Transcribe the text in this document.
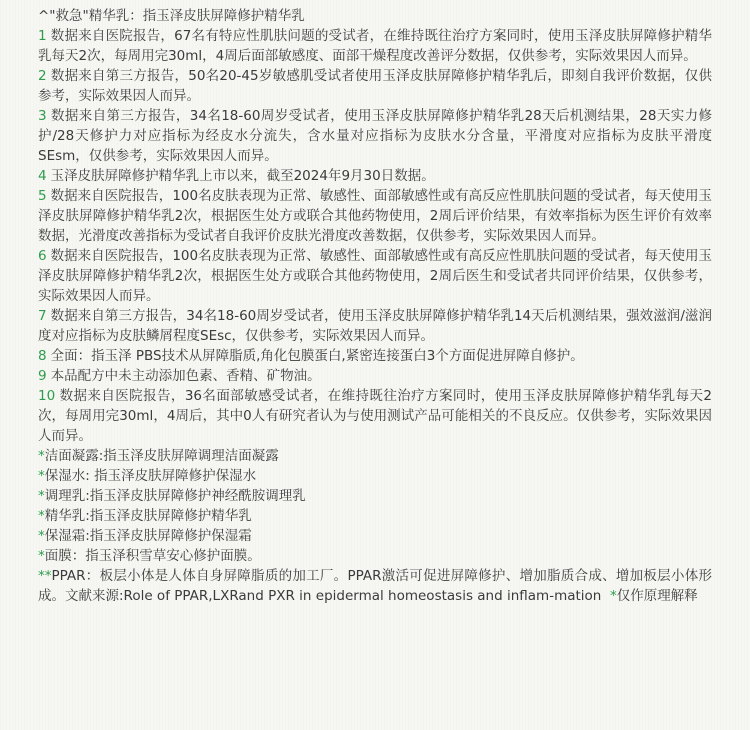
^"救急"精华乳：指玉泽皮肤屏障修护精华乳

1 数据来自医院报告，67名有特应性肌肤问题的受试者，在维持既往治疗方案同时，使用玉泽皮肤屏障修护精华乳每天2次，每周用完30ml，4周后面部敏感度、面部干燥程度改善评分数据，仅供参考，实际效果因人而异。

2 数据来自第三方报告，50名20-45岁敏感肌受试者使用玉泽皮肤屏障修护精华乳后，即刻自我评价数据，仅供参考，实际效果因人而异。

3 数据来自第三方报告，34名18-60周岁受试者，使用玉泽皮肤屏障修护精华乳28天后机测结果，28天实力修护/28天修护力对应指标为经皮水分流失，含水量对应指标为皮肤水分含量，平滑度对应指标为皮肤平滑度SEsm，仅供参考，实际效果因人而异。

4 玉泽皮肤屏障修护精华乳上市以来，截至2024年9月30日数据。

5 数据来自医院报告，100名皮肤表现为正常、敏感性、面部敏感性或有高反应性肌肤问题的受试者，每天使用玉泽皮肤屏障修护精华乳2次，根据医生处方或联合其他药物使用，2周后评价结果，有效率指标为医生评价有效率数据，光滑度改善指标为受试者自我评价皮肤光滑度改善数据，仅供参考，实际效果因人而异。

6 数据来自医院报告，100名皮肤表现为正常、敏感性、面部敏感性或有高反应性肌肤问题的受试者，每天使用玉泽皮肤屏障修护精华乳2次，根据医生处方或联合其他药物使用，2周后医生和受试者共同评价结果，仅供参考，实际效果因人而异。

7 数据来自第三方报告，34名18-60周岁受试者，使用玉泽皮肤屏障修护精华乳14天后机测结果，强效滋润/滋润度对应指标为皮肤鳞屑程度SEsc，仅供参考，实际效果因人而异。

8 全面：指玉泽 PBS技术从屏障脂质,角化包膜蛋白,紧密连接蛋白3个方面促进屏障自修护。

9 本品配方中未主动添加色素、香精、矿物油。

10 数据来自医院报告，36名面部敏感受试者，在维持既往治疗方案同时，使用玉泽皮肤屏障修护精华乳每天2次，每周用完30ml，4周后，其中0人有研究者认为与使用测试产品可能相关的不良反应。仅供参考，实际效果因人而异。

*洁面凝露:指玉泽皮肤屏障调理洁面凝露

*保湿水: 指玉泽皮肤屏障修护保湿水

*调理乳:指玉泽皮肤屏障修护神经酰胺调理乳

*精华乳:指玉泽皮肤屏障修护精华乳

*保湿霜:指玉泽皮肤屏障修护保湿霜

*面膜：指玉泽积雪草安心修护面膜。

**PPAR：板层小体是人体自身屏障脂质的加工厂。PPAR激活可促进屏障修护、增加脂质合成、增加板层小体形成。文献来源:Role of PPAR,LXRand PXR in epidermal homeostasis and inflam-mation *仅作原理解释
